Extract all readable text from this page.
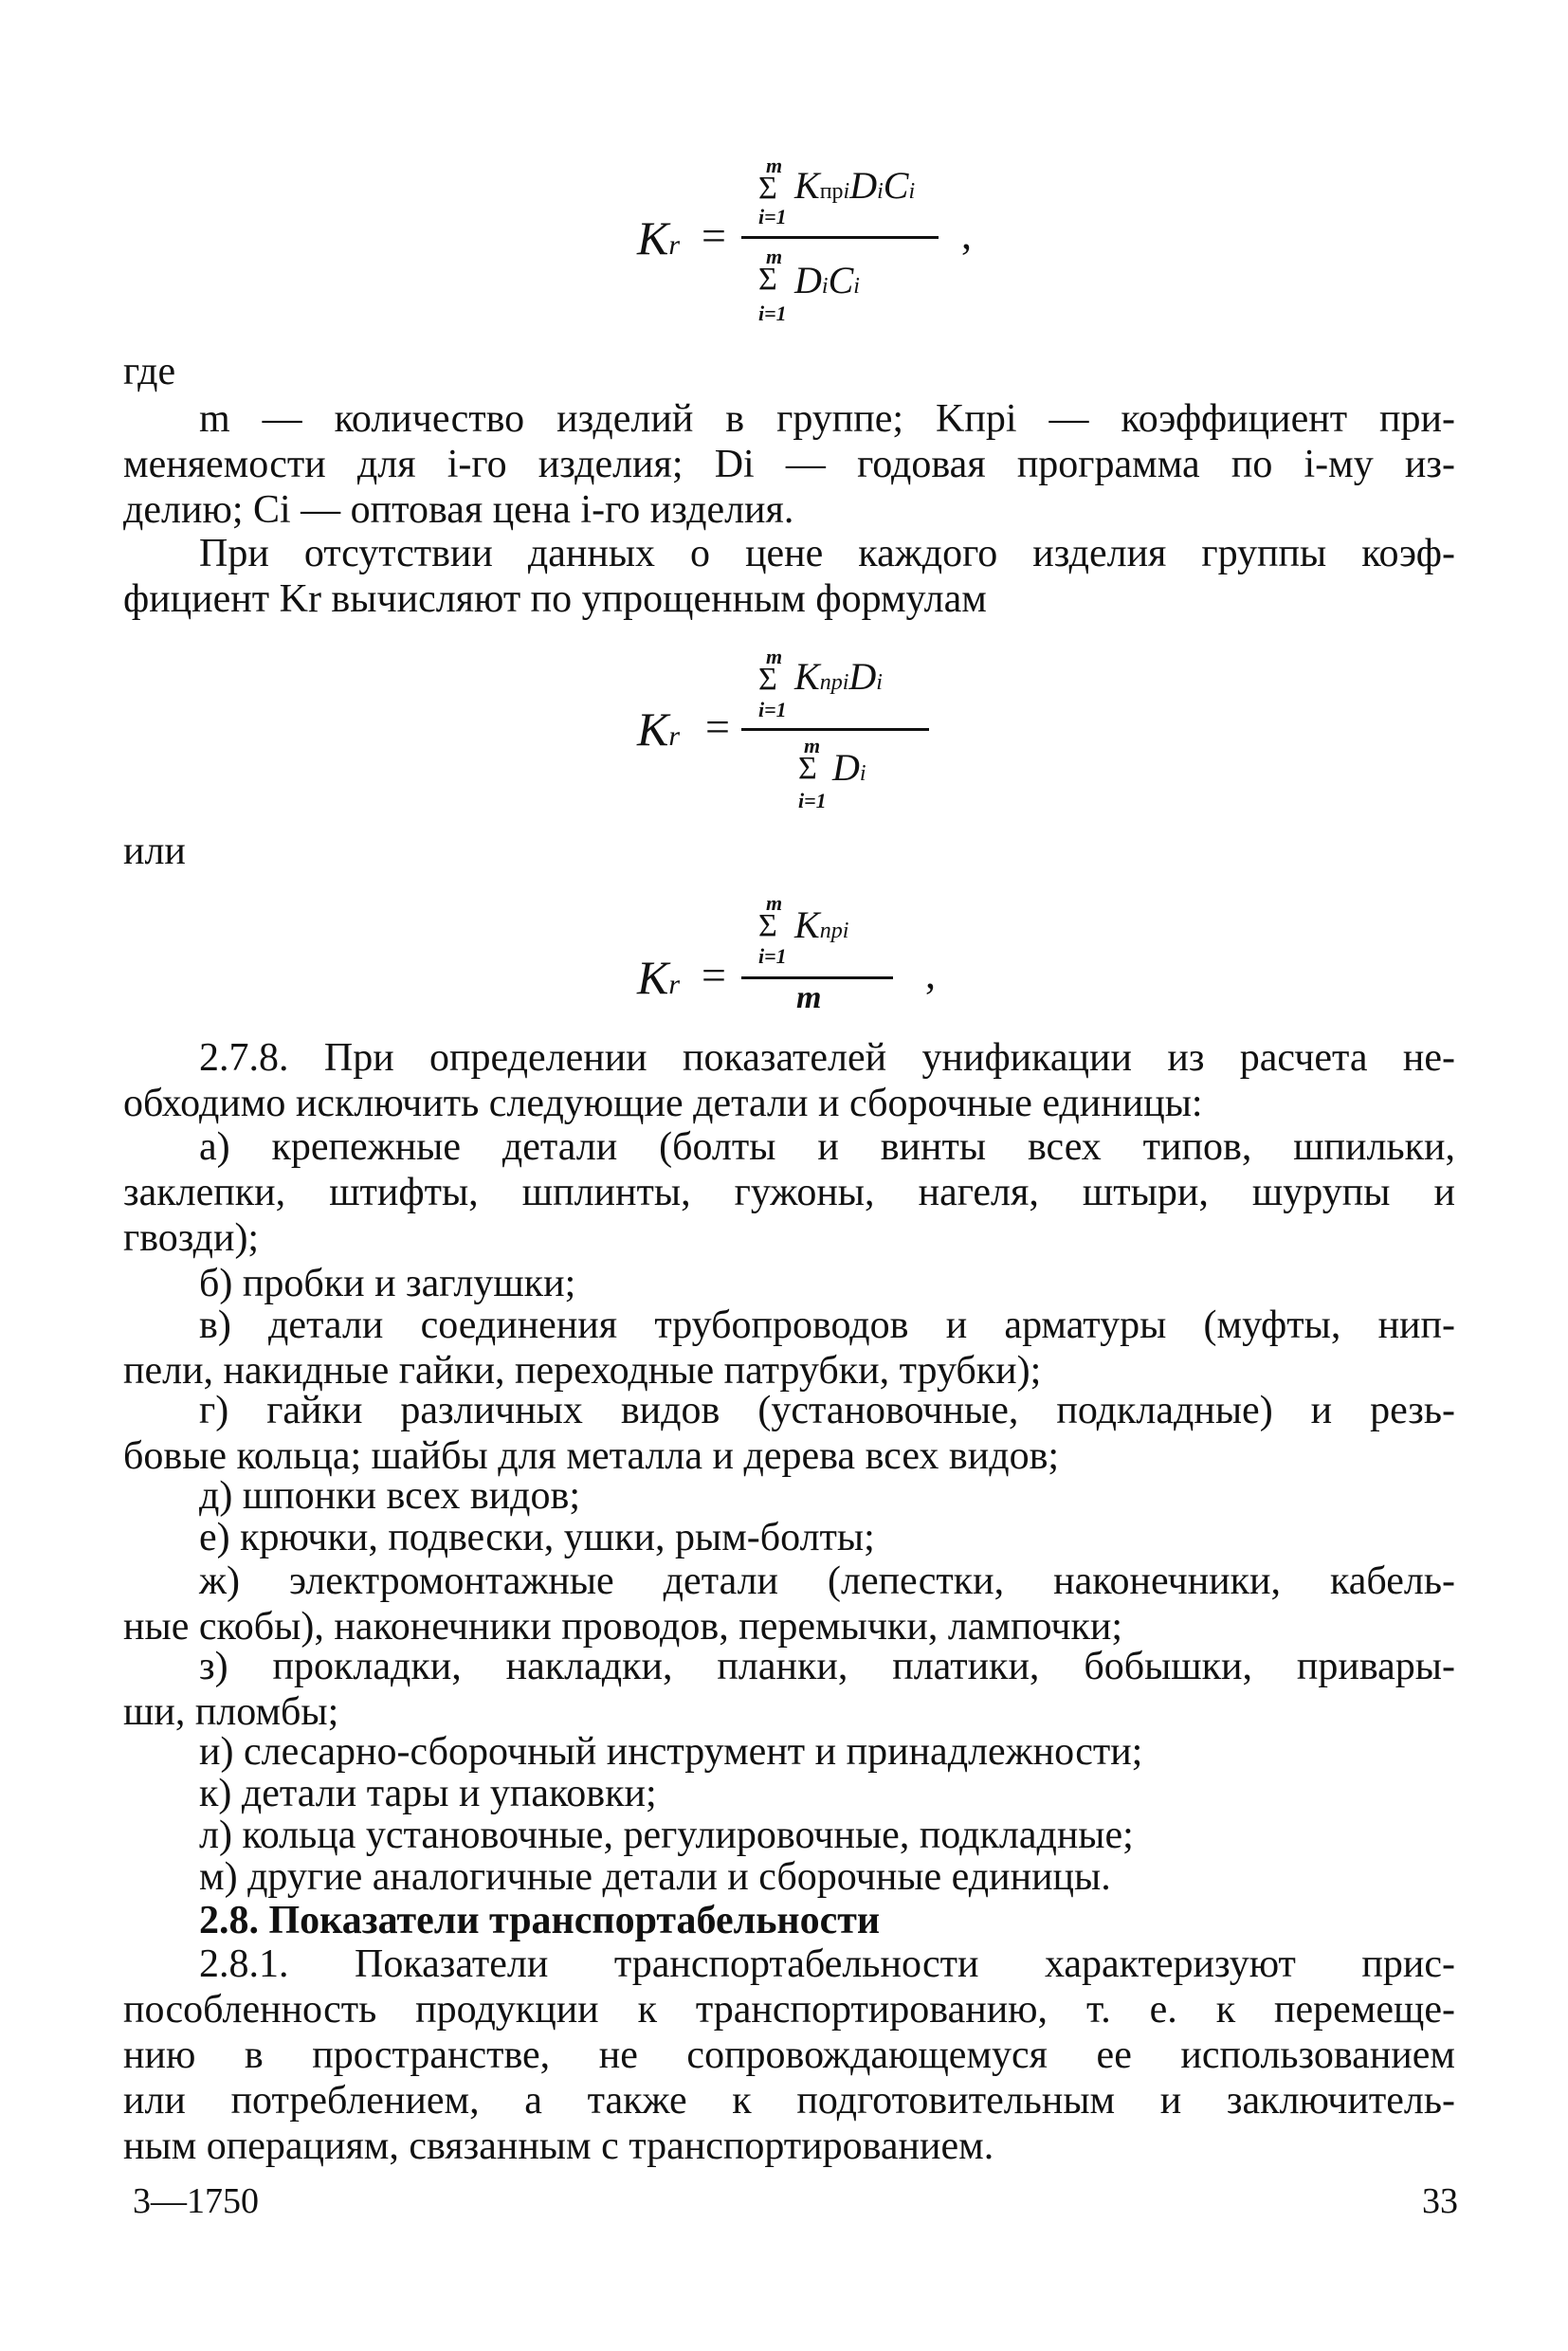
m
Σ KпрiDiCi
i=1
Kr =	,
m
Σ DiCi
i=1
где
m — количество изделий в группе; Kпрi — коэффициент при-
меняемости для i-го изделия; Di — годовая программа по i-му из-
делию; Ci — оптовая цена i-го изделия.
При отсутствии данных о цене каждого изделия группы коэф-
фициент Kr вычисляют по упрощенным формулам
m
Σ KпрiDi
i=1
Kr =	m
Σ Di
i=1
или
m
Σ Kпрi
i=1
Kr =	,
m
2.7.8. При определении показателей унификации из расчета не-
обходимо исключить следующие детали и сборочные единицы:
а) крепежные детали (болты и винты всех типов, шпильки,
заклепки, штифты, шплинты, гужоны, нагеля, штыри, шурупы и
гвозди);
б) пробки и заглушки;
в) детали соединения трубопроводов и арматуры (муфты, нип-
пели, накидные гайки, переходные патрубки, трубки);
г) гайки различных видов (установочные, подкладные) и резь-
бовые кольца; шайбы для металла и дерева всех видов;
д) шпонки всех видов;
е) крючки, подвески, ушки, рым-болты;
ж) электромонтажные детали (лепестки, наконечники, кабель-
ные скобы), наконечники проводов, перемычки, лампочки;
з) прокладки, накладки, планки, платики, бобышки, привары-
ши, пломбы;
и) слесарно-сборочный инструмент и принадлежности;
к) детали тары и упаковки;
л) кольца установочные, регулировочные, подкладные;
м) другие аналогичные детали и сборочные единицы.
2.8. Показатели транспортабельности
2.8.1. Показатели транспортабельности характеризуют прис-
пособленность продукции к транспортированию, т. е. к перемеще-
нию в пространстве, не сопровождающемуся ее использованием
или потреблением, а также к подготовительным и заключитель-
ным операциям, связанным с транспортированием.
3—1750	33
